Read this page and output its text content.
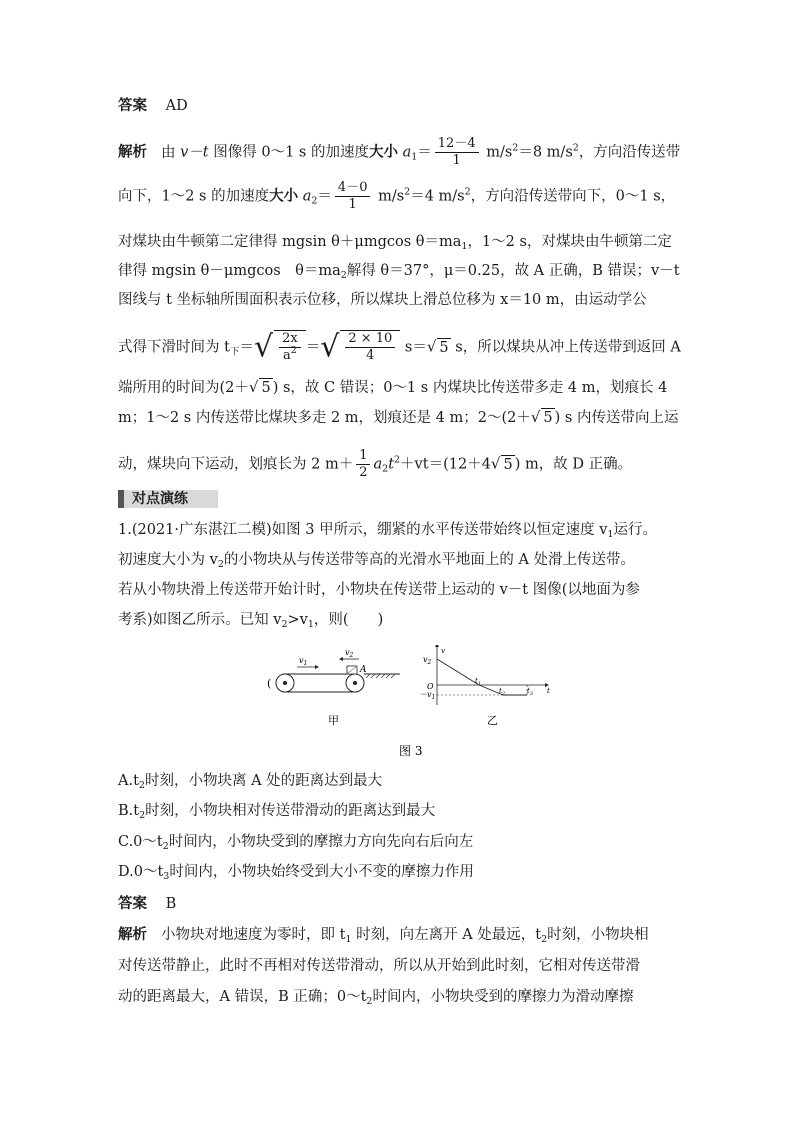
答案 AD
解析 由 v－t 图像得 0～1 s 的加速度大小 $a_1= \frac{12-4}{1} m/s^2=8$ $m/s^2$，方向沿传送带
向下，1～2 s 的加速度大小 $a_2= \frac{4-0}{1} m/s^2=4$ $m/s^2$，方向沿传送带向下，0～1 s，
对煤块由牛顿第二定律得 mgsin θ＋μmgcos $\theta=ma_1$，1～2 s，对煤块由牛顿第二定
律得 mgsin θ－μmgcos　$\theta=ma_2$解得 θ＝37°，μ＝0.25，故 A 正确，B 错误；v－t
图线与 t 坐标轴所围面积表示位移，所以煤块上滑总位移为 x＝10 m，由运动学公
式得下滑时间为 $t_下=√ \frac{2x}{a^2}$ ＝√ $\frac{2 \times 10}{4} s=√$ 5 s，所以煤块从冲上传送带到返回 A
端所用的时间为(2＋√ 5 ) s，故 C 错误；0～1 s 内煤块比传送带多走 4 m，划痕长 4
m；1～2 s 内传送带比煤块多走 2 m，划痕还是 4 m；2～(2＋√ 5 ) s 内传送带向上运
动，煤块向下运动，划痕长为 2 $m+ \frac{1}{2} a_2t^2+vt=(12+4√$ 5 ) m，故 D 正确。
对点演练
1.(2021·广东湛江二模)如图 3 甲所示，绷紧的水平传送带始终以恒定速度 $v_1$运行。
初速度大小为 $v_2$的小物块从与传送带等高的光滑水平地面上的 A 处滑上传送带。
若从小物块滑上传送带开始计时，小物块在传送带上运动的 v－t 图像(以地面为参
考系)如图乙所示。已知 $v_2>v_1$，则(　　)
(
$v_1$
$v_2$
A
甲
v
t
O
$v_2$
$-v_1$
$t_1$
$t_2$	$t_3$
乙
图 3
$A.t_2$时刻，小物块离 A 处的距离达到最大
$B.t_2$时刻，小物块相对传送带滑动的距离达到最大
$C.0\sim t_2$时间内，小物块受到的摩擦力方向先向右后向左
$D.0\sim t_3$时间内，小物块始终受到大小不变的摩擦力作用
答案 B
解析 小物块对地速度为零时，即 $t_1$ 时刻，向左离开 A 处最远，$t_2$时刻，小物块相
对传送带静止，此时不再相对传送带滑动，所以从开始到此时刻，它相对传送带滑
动的距离最大，A 错误，B 正确；$0\sim t_2$时间内，小物块受到的摩擦力为滑动摩擦
